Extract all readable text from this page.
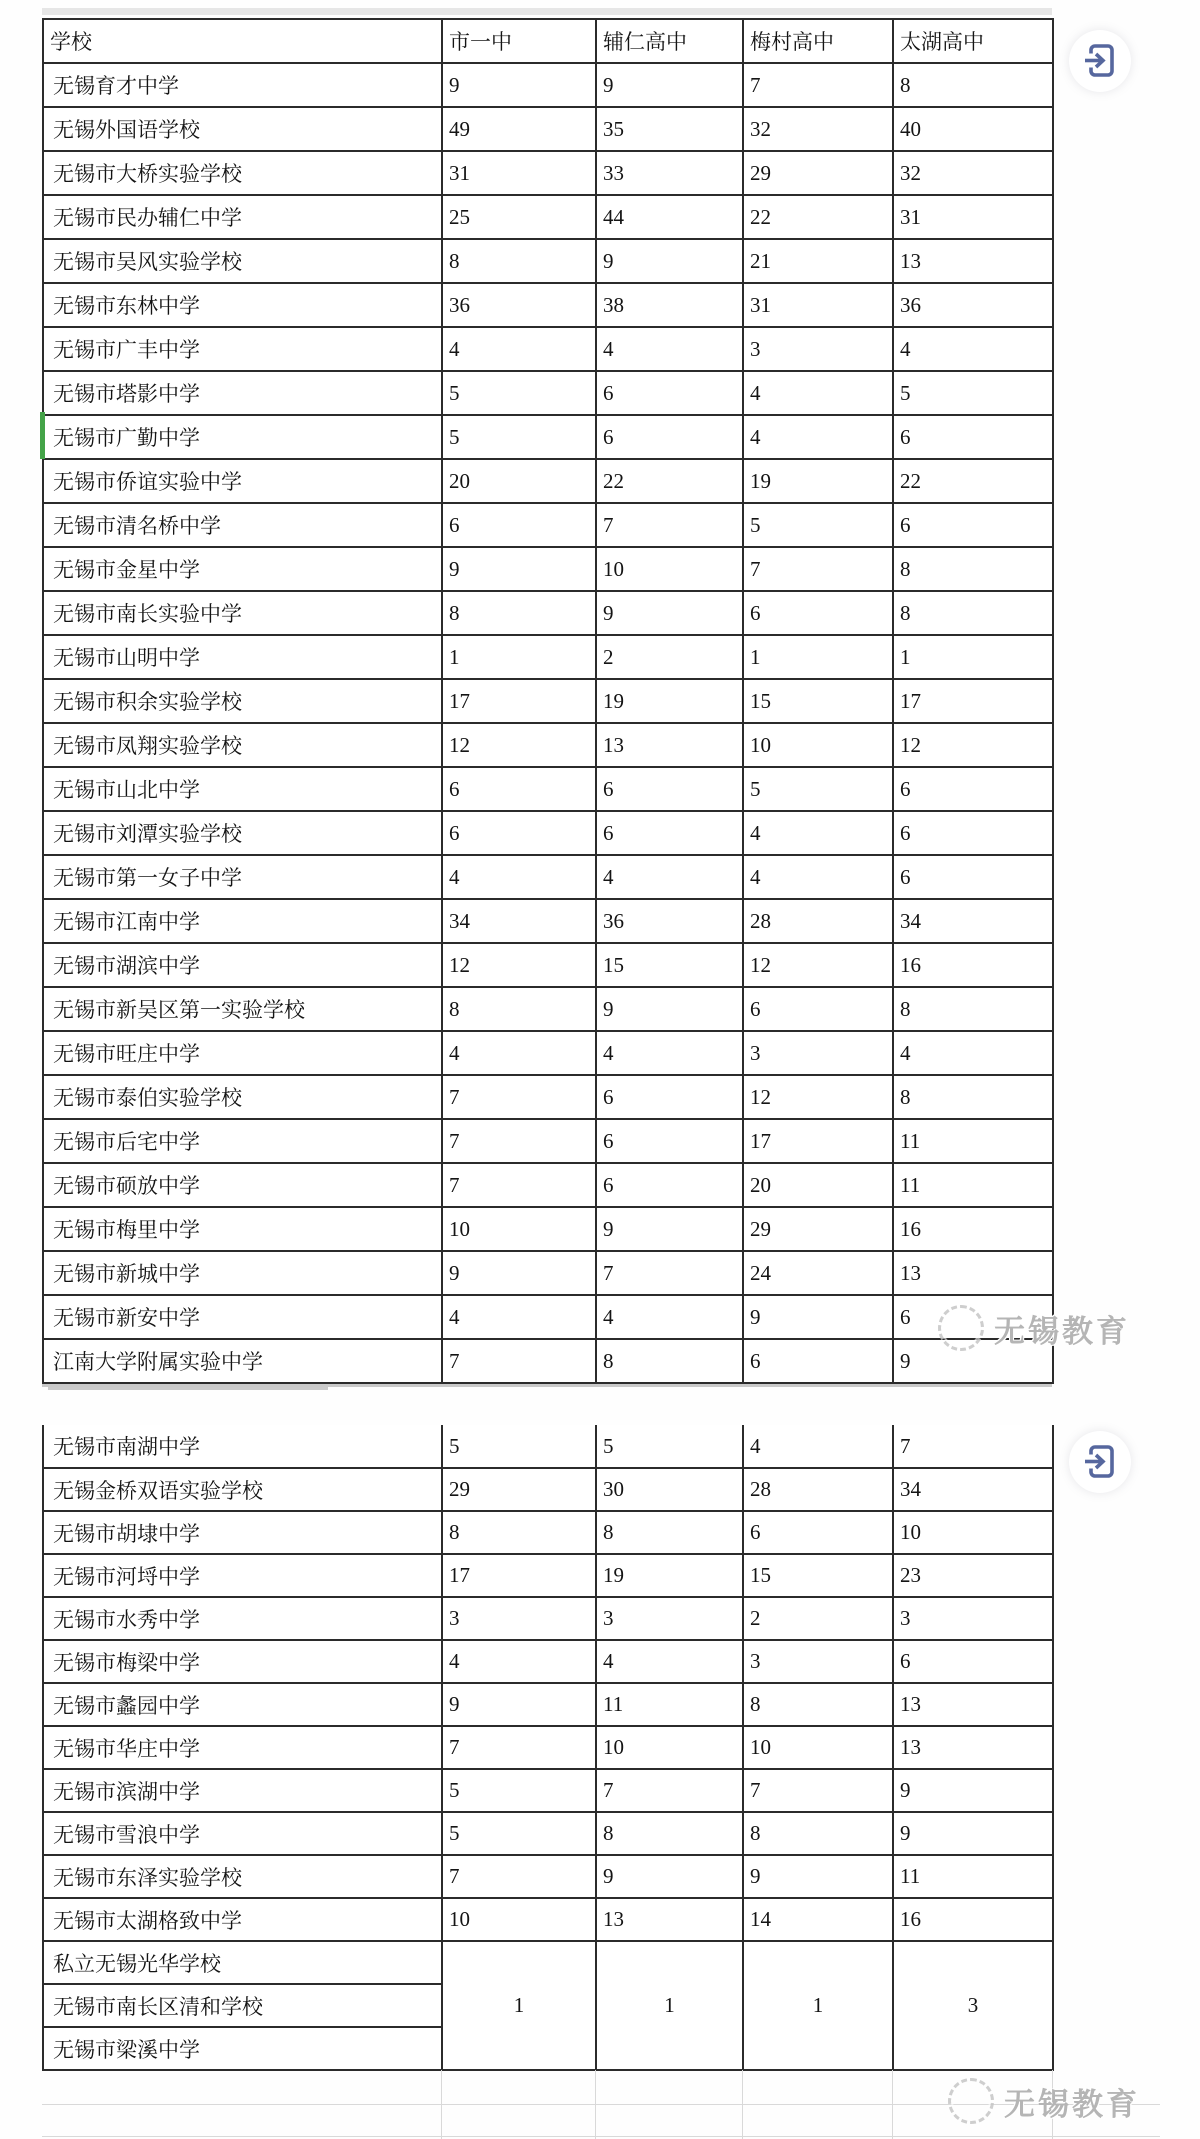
学校	市一中	辅仁高中	梅村高中	太湖高中
无锡育才中学	9	9	7	8
无锡外国语学校	49	35	32	40
无锡市大桥实验学校	31	33	29	32
无锡市民办辅仁中学	25	44	22	31
无锡市吴风实验学校	8	9	21	13
无锡市东林中学	36	38	31	36
无锡市广丰中学	4	4	3	4
无锡市塔影中学	5	6	4	5
无锡市广勤中学	5	6	4	6
无锡市侨谊实验中学	20	22	19	22
无锡市清名桥中学	6	7	5	6
无锡市金星中学	9	10	7	8
无锡市南长实验中学	8	9	6	8
无锡市山明中学	1	2	1	1
无锡市积余实验学校	17	19	15	17
无锡市凤翔实验学校	12	13	10	12
无锡市山北中学	6	6	5	6
无锡市刘潭实验学校	6	6	4	6
无锡市第一女子中学	4	4	4	6
无锡市江南中学	34	36	28	34
无锡市湖滨中学	12	15	12	16
无锡市新吴区第一实验学校	8	9	6	8
无锡市旺庄中学	4	4	3	4
无锡市泰伯实验学校	7	6	12	8
无锡市后宅中学	7	6	17	11
无锡市硕放中学	7	6	20	11
无锡市梅里中学	10	9	29	16
无锡市新城中学	9	7	24	13
无锡市新安中学	4	4	9	6
江南大学附属实验中学	7	8	6	9
无锡教育
无锡市南湖中学	5	5	4	7
无锡金桥双语实验学校	29	30	28	34
无锡市胡埭中学	8	8	6	10
无锡市河埒中学	17	19	15	23
无锡市水秀中学	3	3	2	3
无锡市梅梁中学	4	4	3	6
无锡市蠡园中学	9	11	8	13
无锡市华庄中学	7	10	10	13
无锡市滨湖中学	5	7	7	9
无锡市雪浪中学	5	8	8	9
无锡市东泽实验学校	7	9	9	11
无锡市太湖格致中学	10	13	14	16
私立无锡光华学校	1	1	1	3
无锡市南长区清和学校				
无锡市梁溪中学				
无锡教育
